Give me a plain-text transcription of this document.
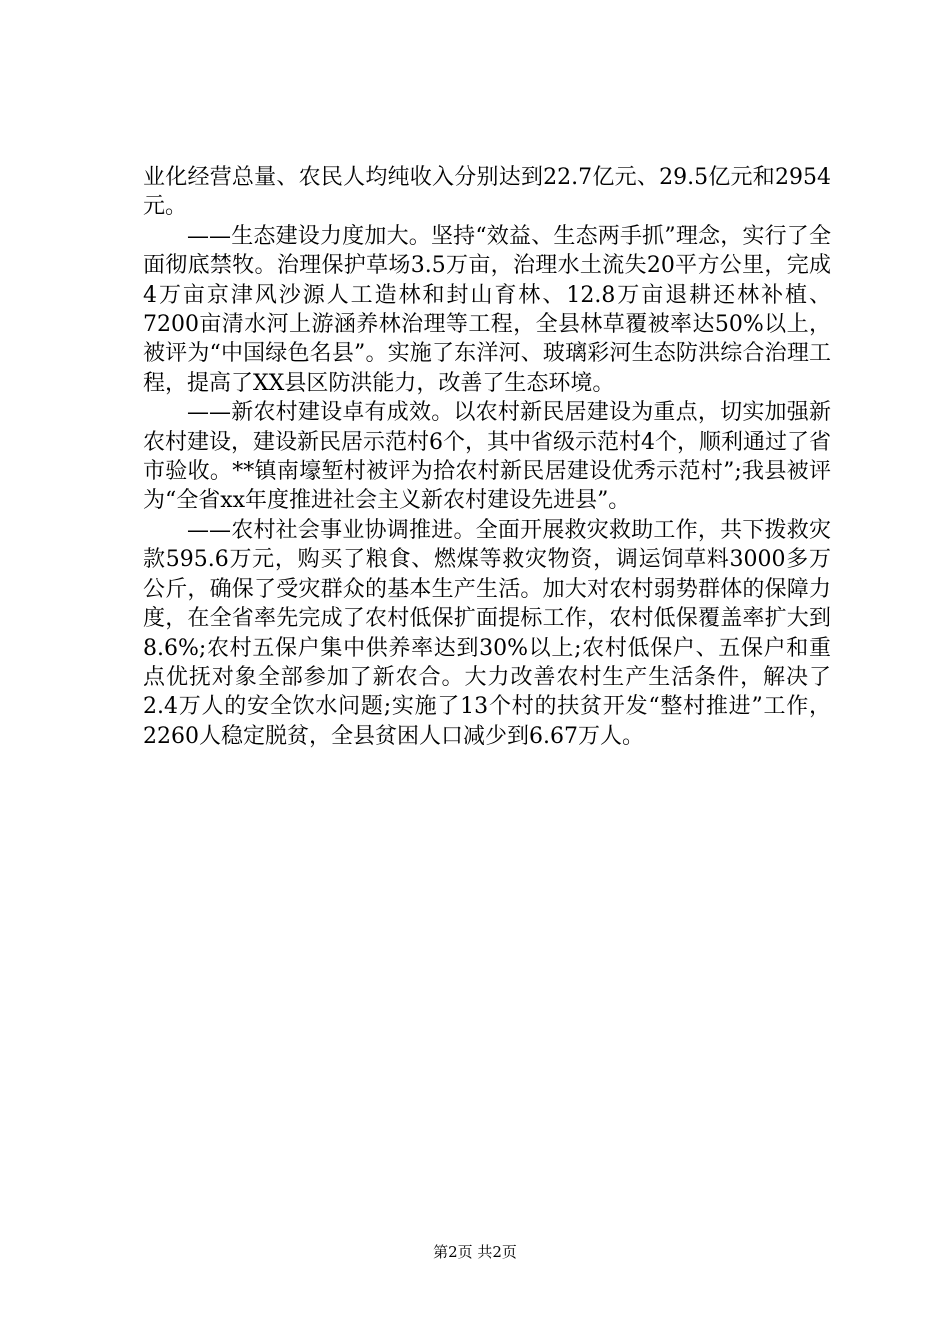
业化经营总量、农民人均纯收入分别达到22.7亿元、29.5亿元和2954元。

——生态建设力度加大。坚持“效益、生态两手抓”理念，实行了全面彻底禁牧。治理保护草场3.5万亩，治理水土流失20平方公里，完成4万亩京津风沙源人工造林和封山育林、12.8万亩退耕还林补植、7200亩清水河上游涵养林治理等工程，全县林草覆被率达50%以上，被评为“中国绿色名县”。实施了东洋河、玻璃彩河生态防洪综合治理工程，提高了XX县区防洪能力，改善了生态环境。

——新农村建设卓有成效。以农村新民居建设为重点，切实加强新农村建设，建设新民居示范村6个，其中省级示范村4个，顺利通过了省市验收。**镇南壕堑村被评为拾农村新民居建设优秀示范村”;我县被评为“全省xx年度推进社会主义新农村建设先进县”。

——农村社会事业协调推进。全面开展救灾救助工作，共下拨救灾款595.6万元，购买了粮食、燃煤等救灾物资，调运饲草料3000多万公斤，确保了受灾群众的基本生产生活。加大对农村弱势群体的保障力度，在全省率先完成了农村低保扩面提标工作，农村低保覆盖率扩大到8.6%;农村五保户集中供养率达到30%以上;农村低保户、五保户和重点优抚对象全部参加了新农合。大力改善农村生产生活条件，解决了2.4万人的安全饮水问题;实施了13个村的扶贫开发“整村推进”工作，2260人稳定脱贫，全县贫困人口减少到6.67万人。

第2页 共2页
